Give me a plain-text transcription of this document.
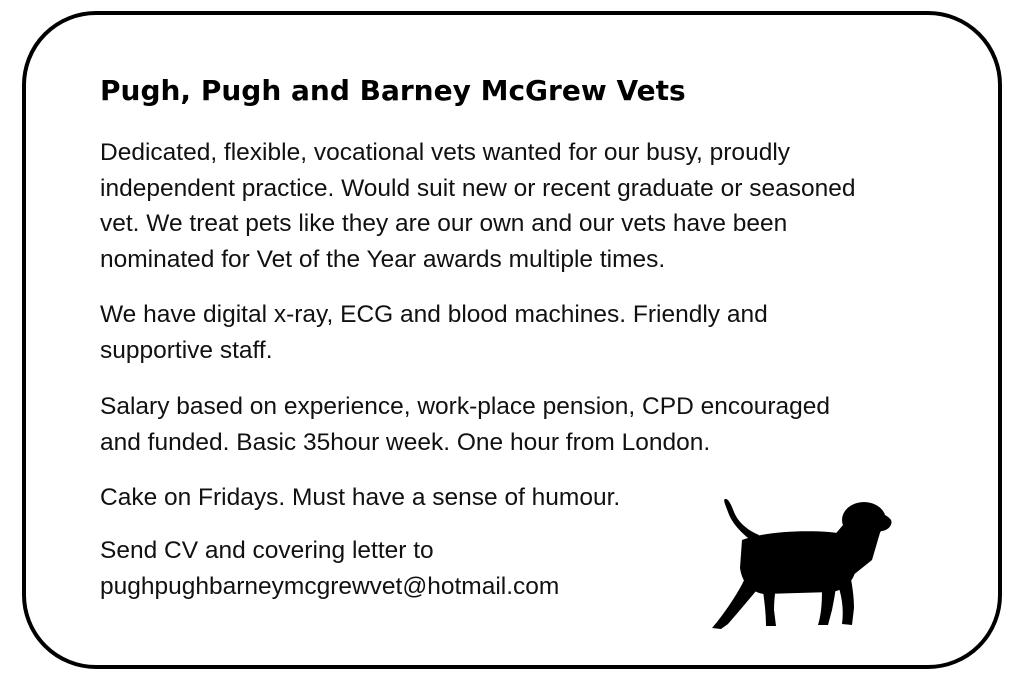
Pugh, Pugh and Barney McGrew Vets

Dedicated, flexible, vocational vets wanted for our busy, proudly
independent practice. Would suit new or recent graduate or seasoned
vet. We treat pets like they are our own and our vets have been
nominated for Vet of the Year awards multiple times.

We have digital x-ray, ECG and blood machines. Friendly and
supportive staff.

Salary based on experience, work-place pension, CPD encouraged
and funded. Basic 35hour week. One hour from London.

Cake on Fridays. Must have a sense of humour.

Send CV and covering letter to
pughpughbarneymcgrewvet@hotmail.com
